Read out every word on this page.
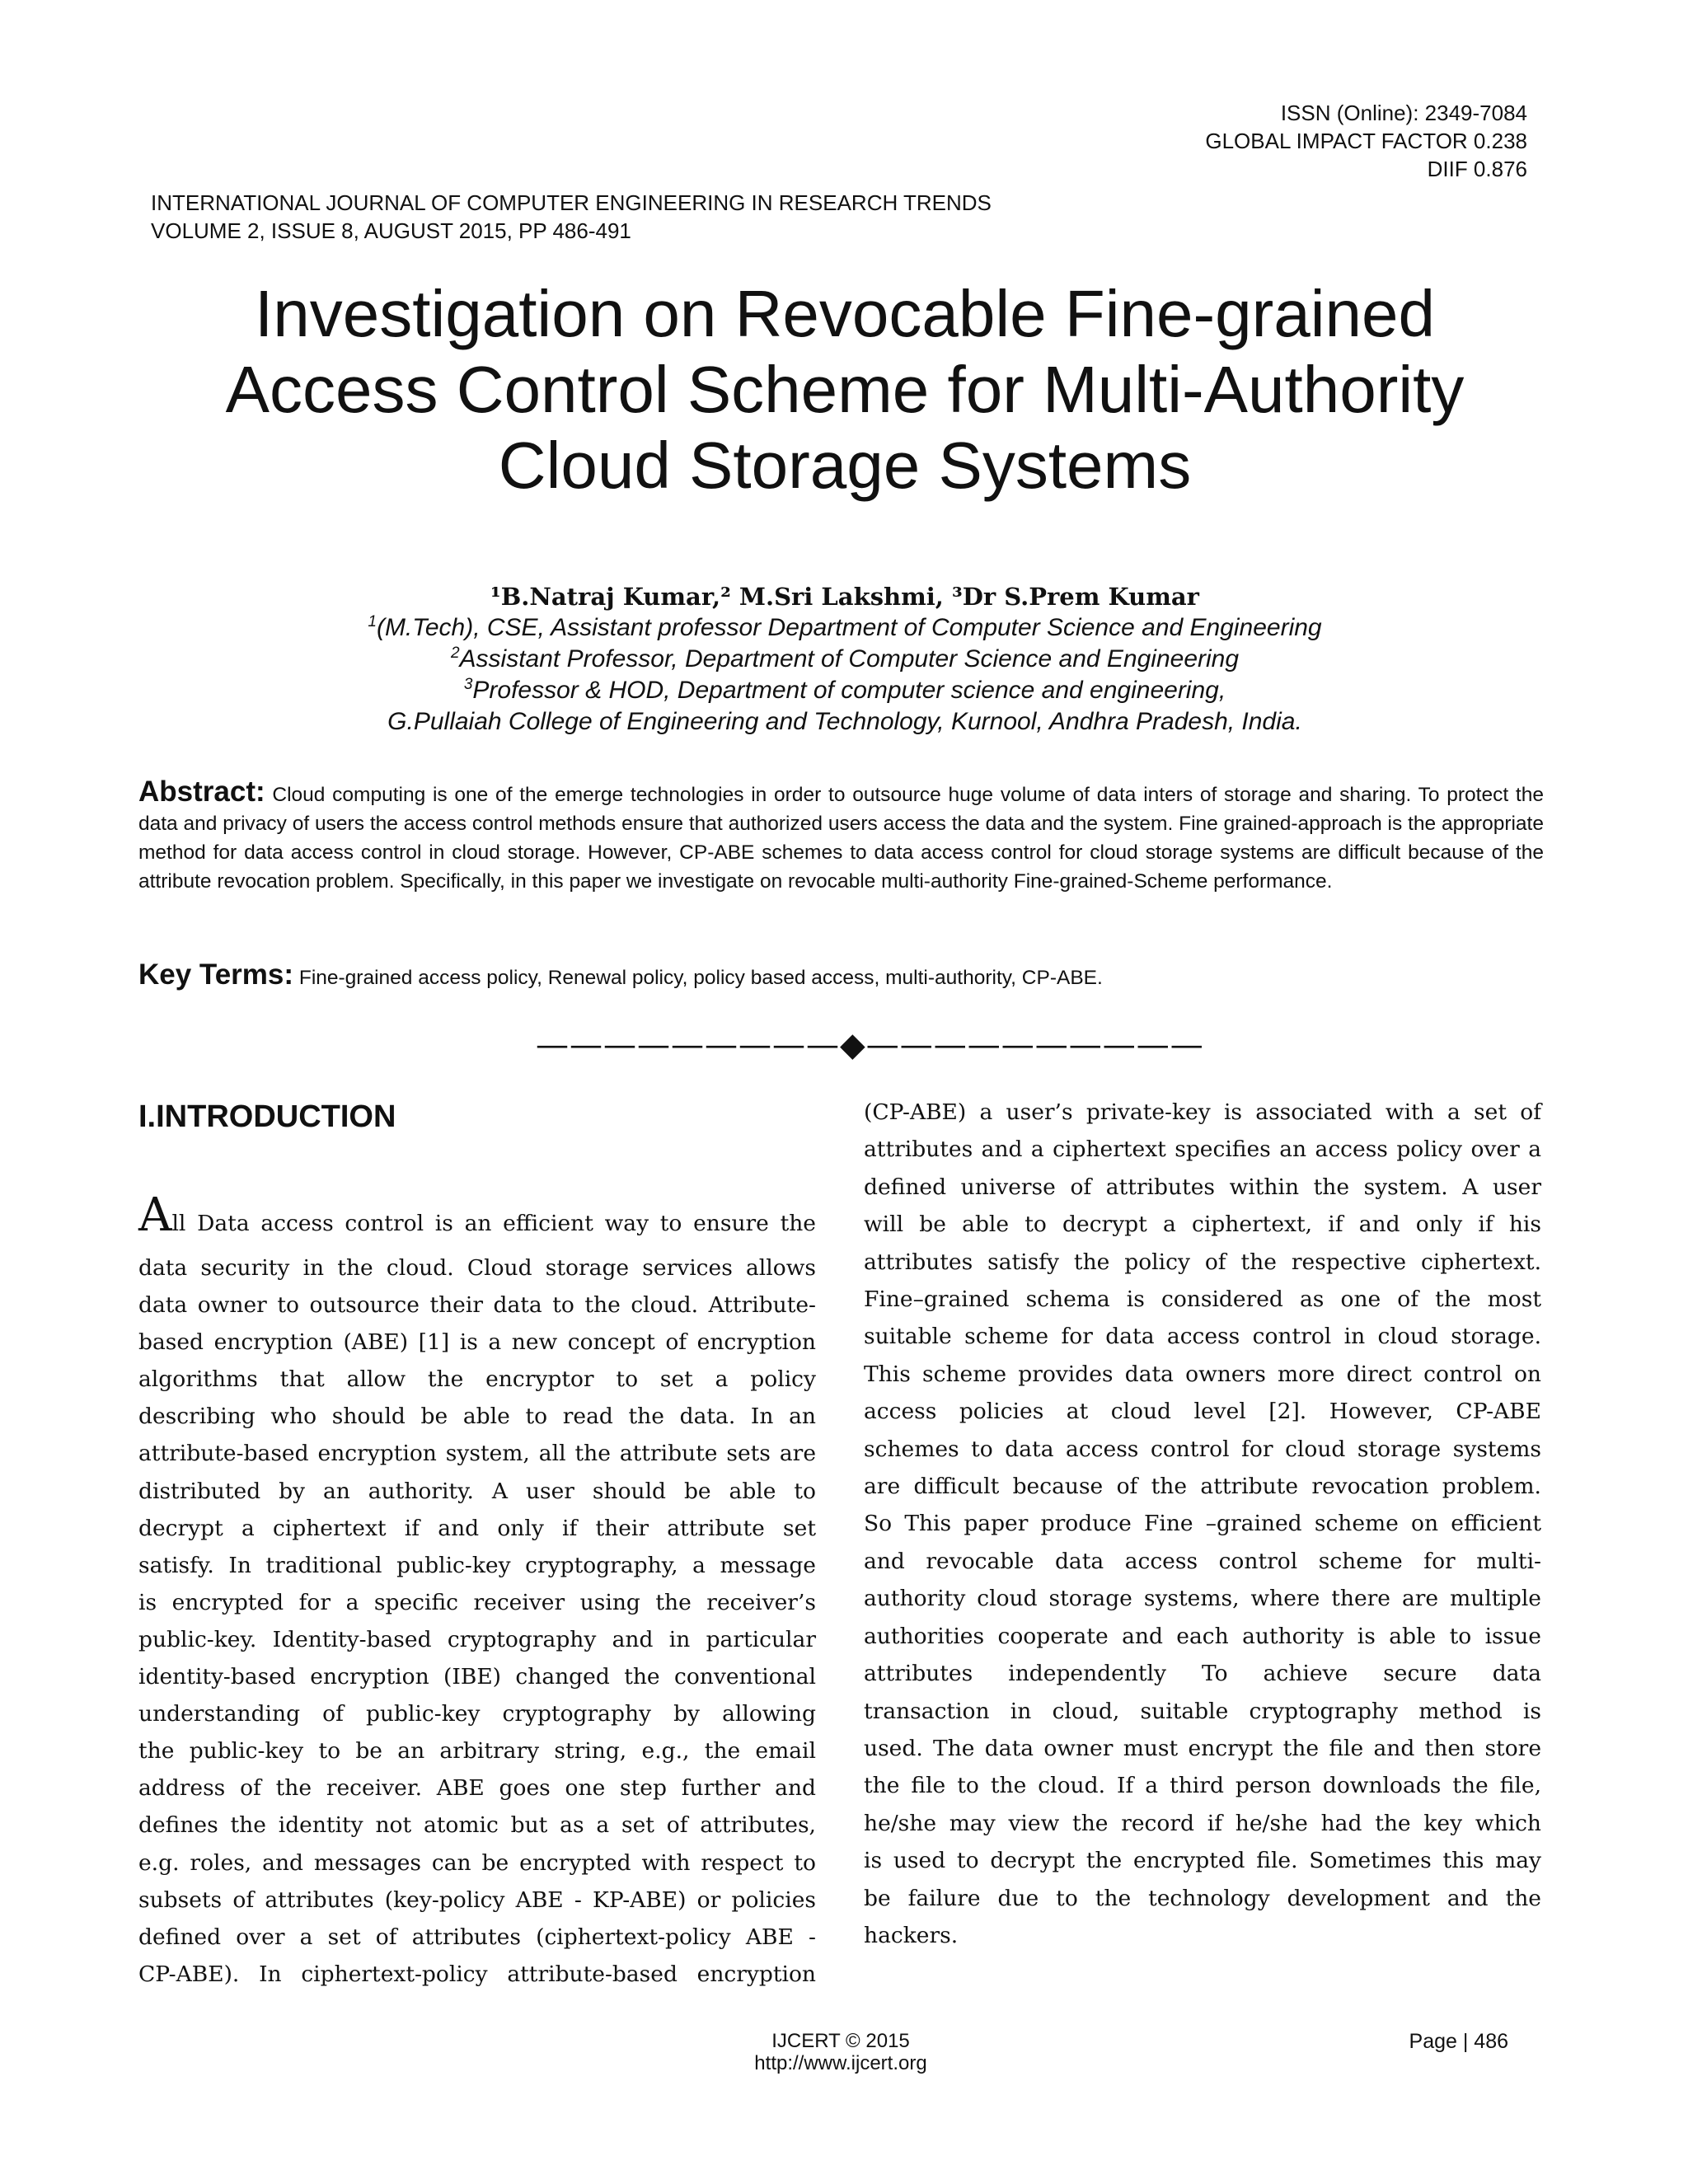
ISSN (Online): 2349-7084
GLOBAL IMPACT FACTOR 0.238
DIIF 0.876
INTERNATIONAL JOURNAL OF COMPUTER ENGINEERING IN RESEARCH TRENDS
VOLUME 2, ISSUE 8, AUGUST 2015, PP 486-491
Investigation on Revocable Fine-grained
Access Control Scheme for Multi-Authority
Cloud Storage Systems
¹B.Natraj Kumar,² M.Sri Lakshmi, ³Dr S.Prem Kumar
$^1$(M.Tech), CSE, Assistant professor Department of Computer Science and Engineering
$^2$Assistant Professor, Department of Computer Science and Engineering
$^3$Professor & HOD, Department of computer science and engineering,
G.Pullaiah College of Engineering and Technology, Kurnool, Andhra Pradesh, India.
Abstract: Cloud computing is one of the emerge technologies in order to outsource huge volume of data inters of storage and sharing. To protect the data and privacy of users the access control methods ensure that authorized users access the data and the system. Fine grained-approach is the appropriate method for data access control in cloud storage. However, CP-ABE schemes to data access control for cloud storage systems are difficult because of the attribute revocation problem. Specifically, in this paper we investigate on revocable multi-authority Fine-grained-Scheme performance.
Key Terms: Fine-grained access policy, Renewal policy, policy based access, multi-authority, CP-ABE.
—————————◆——————————
I.INTRODUCTION
All Data access control is an efficient way to ensure the
data security in the cloud. Cloud storage services allows
data owner to outsource their data to the cloud. Attribute-
based encryption (ABE) [1] is a new concept of encryption
algorithms that allow the encryptor to set a policy
describing who should be able to read the data. In an
attribute-based encryption system, all the attribute sets are
distributed by an authority. A user should be able to
decrypt a ciphertext if and only if their attribute set
satisfy. In traditional public-key cryptography, a message
is encrypted for a specific receiver using the receiver’s
public-key. Identity-based cryptography and in particular
identity-based encryption (IBE) changed the conventional
understanding of public-key cryptography by allowing
the public-key to be an arbitrary string, e.g., the email
address of the receiver. ABE goes one step further and
defines the identity not atomic but as a set of attributes,
e.g. roles, and messages can be encrypted with respect to
subsets of attributes (key-policy ABE - KP-ABE) or policies
defined over a set of attributes (ciphertext-policy ABE -
CP-ABE). In ciphertext-policy attribute-based encryption
(CP-ABE) a user’s private-key is associated with a set of
attributes and a ciphertext specifies an access policy over a
defined universe of attributes within the system. A user
will be able to decrypt a ciphertext, if and only if his
attributes satisfy the policy of the respective ciphertext.
Fine–grained schema is considered as one of the most
suitable scheme for data access control in cloud storage.
This scheme provides data owners more direct control on
access policies at cloud level [2]. However, CP-ABE
schemes to data access control for cloud storage systems
are difficult because of the attribute revocation problem.
So This paper produce Fine –grained scheme on efficient
and revocable data access control scheme for multi-
authority cloud storage systems, where there are multiple
authorities cooperate and each authority is able to issue
attributes independently To achieve secure data
transaction in cloud, suitable cryptography method is
used. The data owner must encrypt the file and then store
the file to the cloud. If a third person downloads the file,
he/she may view the record if he/she had the key which
is used to decrypt the encrypted file. Sometimes this may
be failure due to the technology development and the
hackers.
IJCERT © 2015
http://www.ijcert.org
Page | 486
